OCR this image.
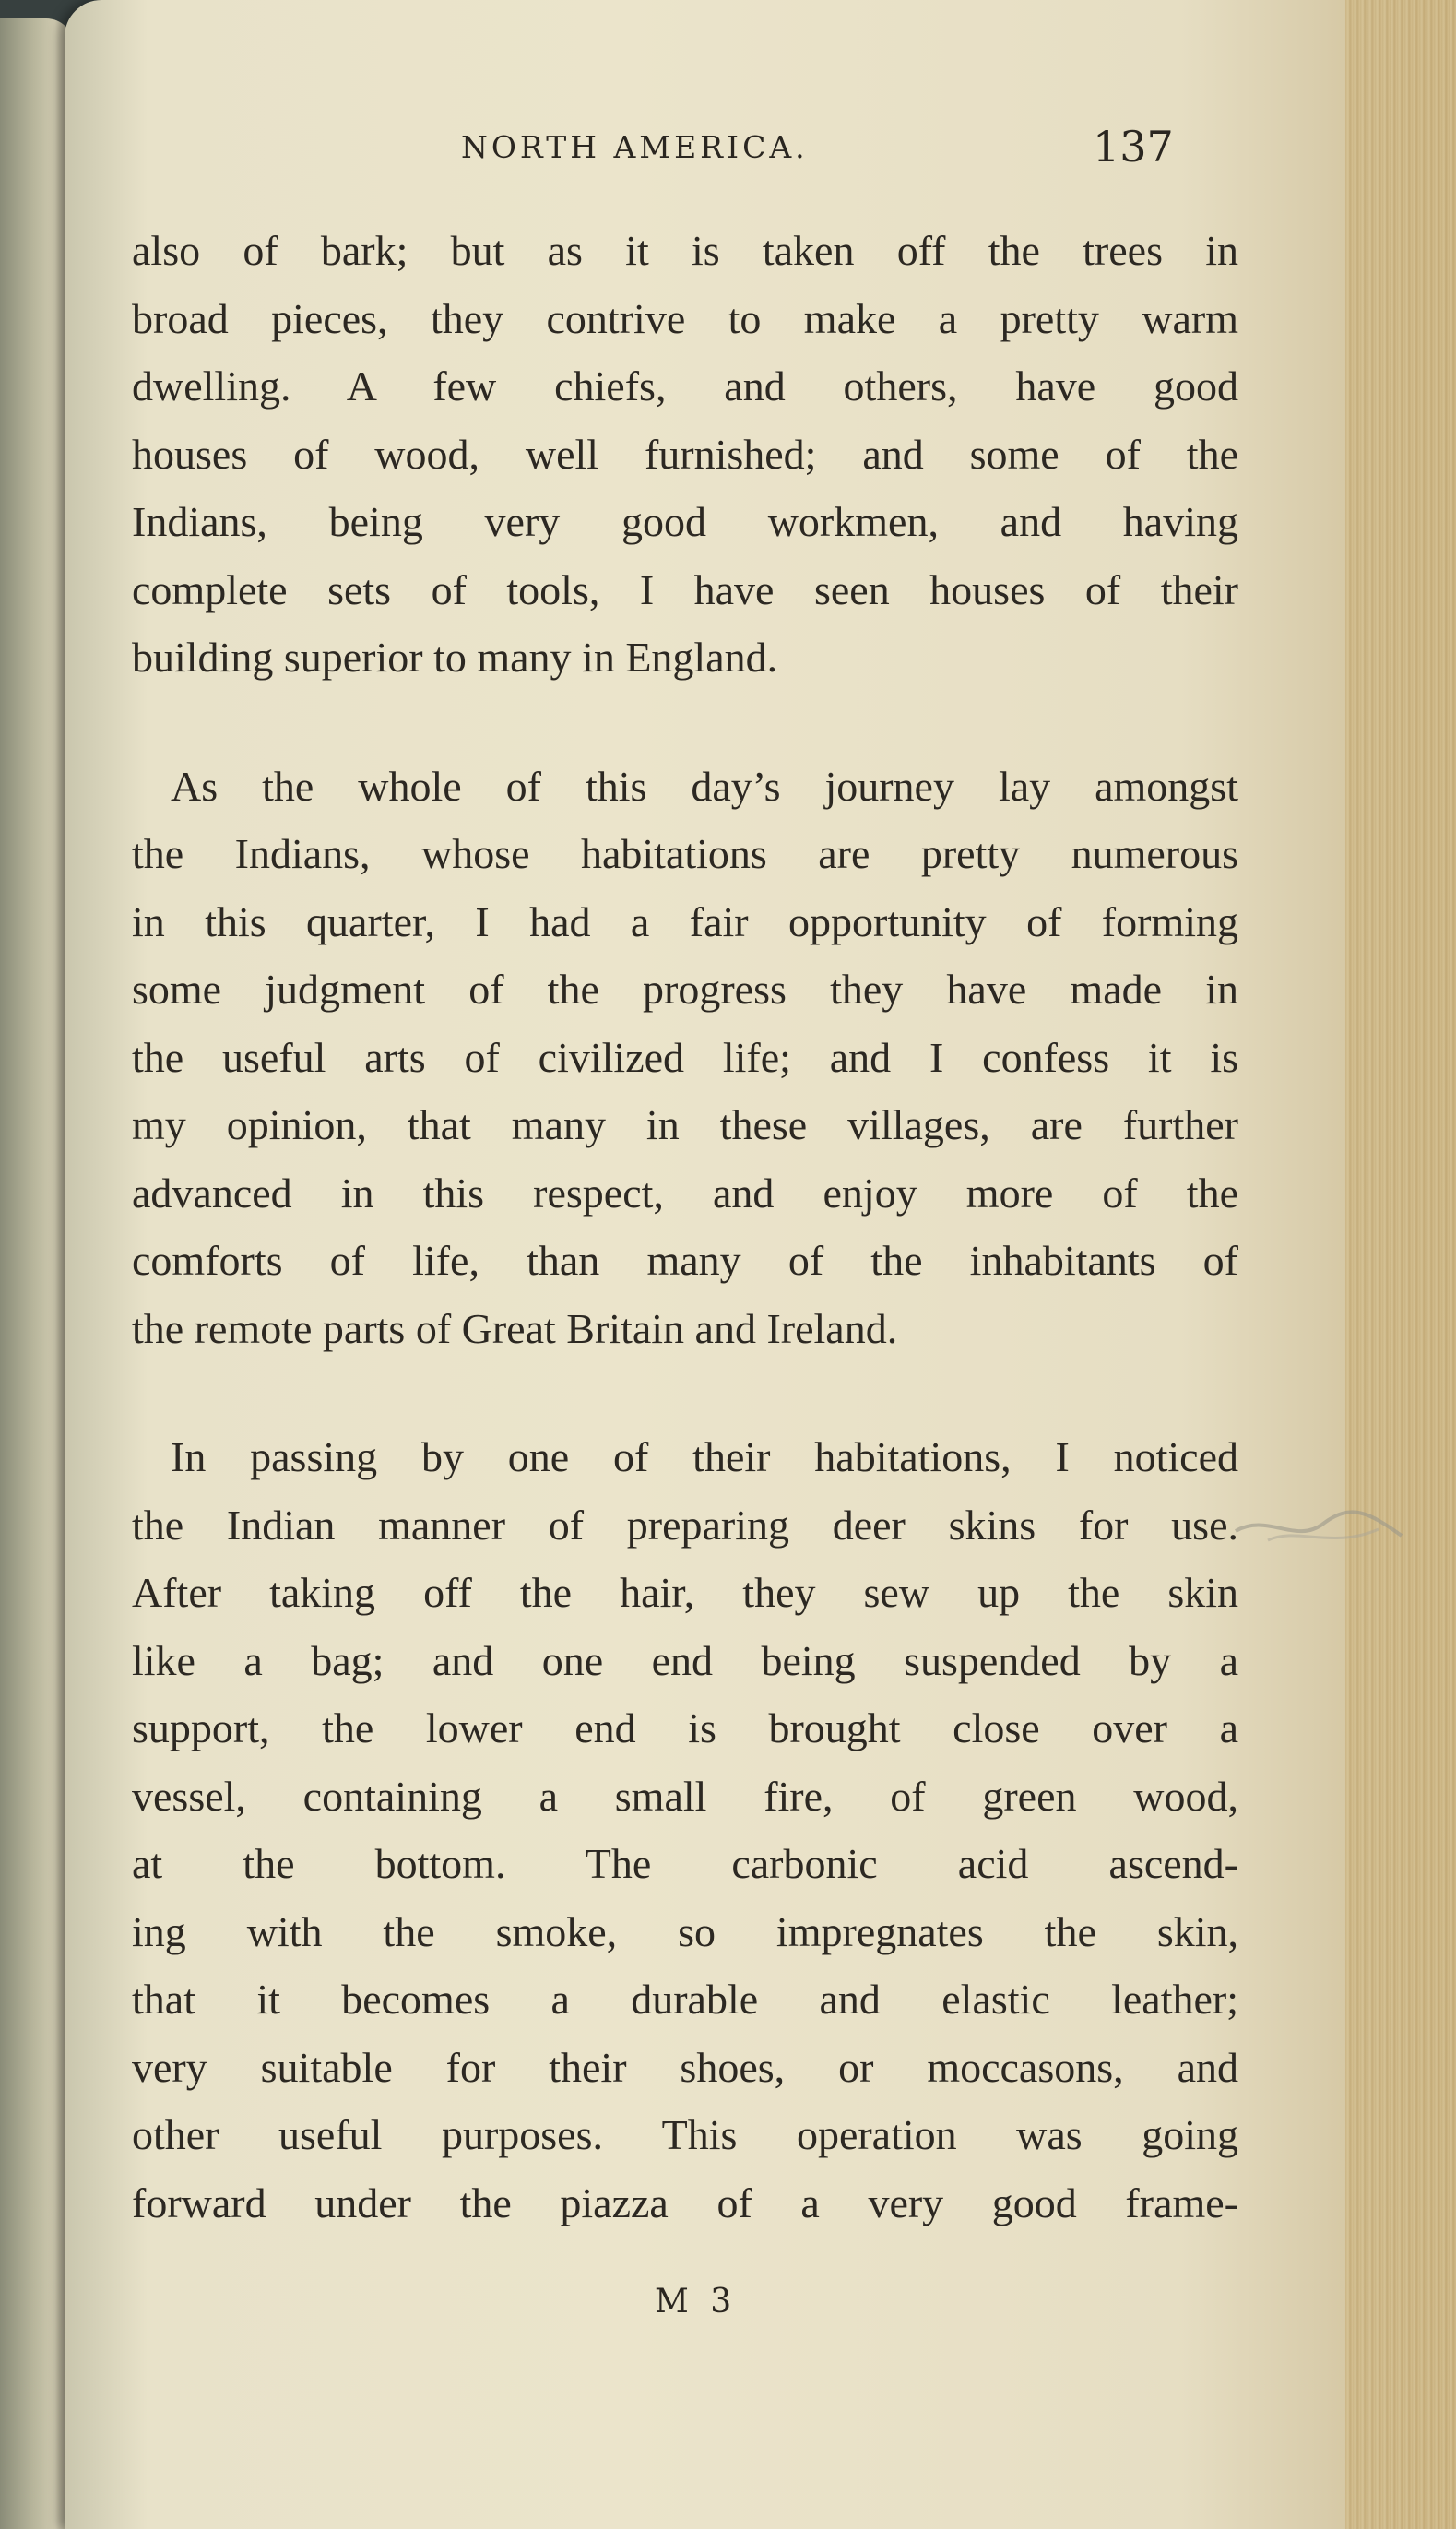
NORTH AMERICA.	137
also of bark; but as it is taken off the trees in
broad pieces, they contrive to make a pretty warm
dwelling. A few chiefs, and others, have good
houses of wood, well furnished; and some of the
Indians, being very good workmen, and having
complete sets of tools, I have seen houses of their
building superior to many in England.
As the whole of this day’s journey lay amongst
the Indians, whose habitations are pretty numerous
in this quarter, I had a fair opportunity of forming
some judgment of the progress they have made in
the useful arts of civilized life; and I confess it is
my opinion, that many in these villages, are further
advanced in this respect, and enjoy more of the
comforts of life, than many of the inhabitants of
the remote parts of Great Britain and Ireland.
In passing by one of their habitations, I noticed
the Indian manner of preparing deer skins for use.
After taking off the hair, they sew up the skin
like a bag; and one end being suspended by a
support, the lower end is brought close over a
vessel, containing a small fire, of green wood,
at the bottom. The carbonic acid ascend-
ing with the smoke, so impregnates the skin,
that it becomes a durable and elastic leather;
very suitable for their shoes, or moccasons, and
other useful purposes. This operation was going
forward under the piazza of a very good frame-
M 3
